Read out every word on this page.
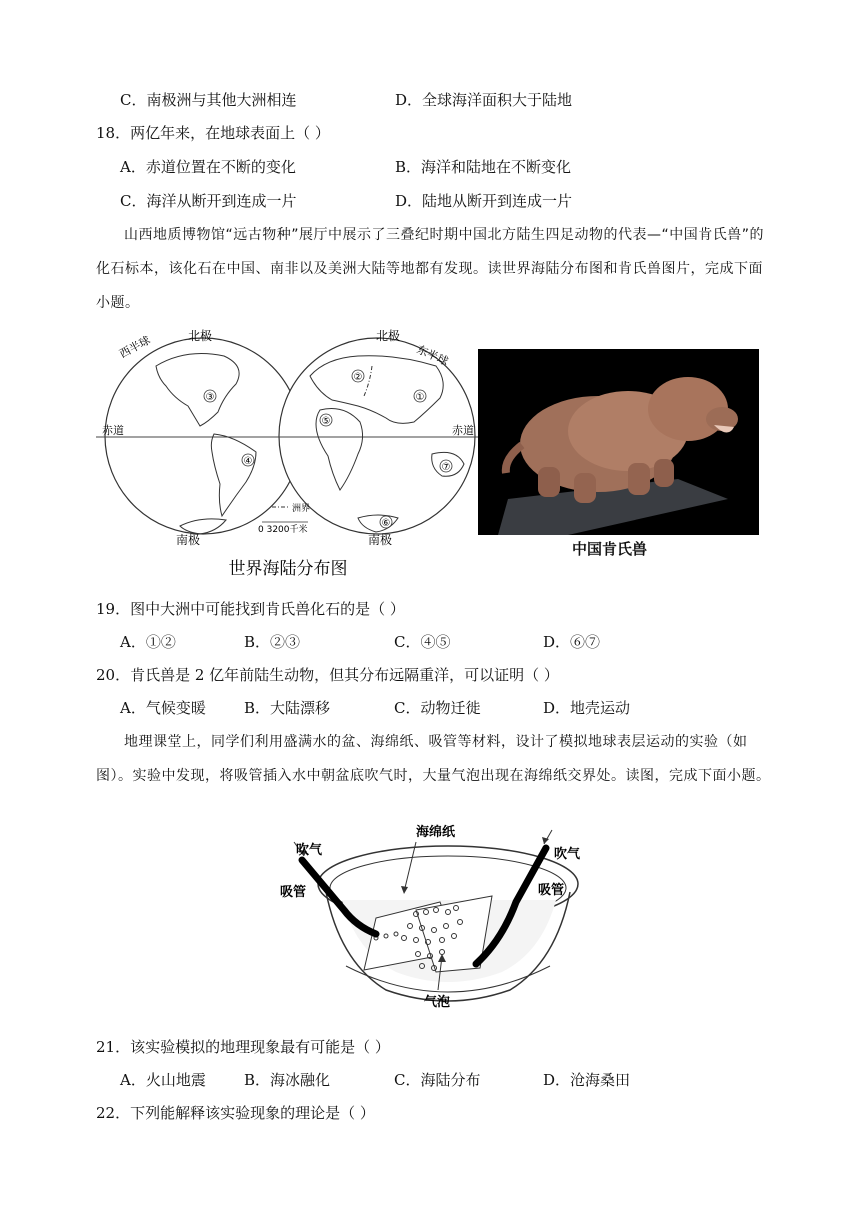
C．南极洲与其他大洲相连	D．全球海洋面积大于陆地
18．两亿年来，在地球表面上（ ）
A．赤道位置在不断的变化	B．海洋和陆地在不断变化
C．海洋从断开到连成一片	D．陆地从断开到连成一片
山西地质博物馆“远古物种”展厅中展示了三叠纪时期中国北方陆生四足动物的代表—“中国肯氏兽”的化石标本，该化石在中国、南非以及美洲大陆等地都有发现。读世界海陆分布图和肯氏兽图片，完成下面小题。
①
②
③
④
⑤
⑥
⑦
北极	北极
西半球	东半球
赤道	赤道
南极	南极
洲界
0 3200千米
世界海陆分布图
中国肯氏兽
19．图中大洲中可能找到肯氏兽化石的是（ ）
A．①②	B．②③	C．④⑤	D．⑥⑦
20．肯氏兽是 2 亿年前陆生动物，但其分布远隔重洋，可以证明（ ）
A．气候变暖	B．大陆漂移	C．动物迁徙	D．地壳运动
地理课堂上，同学们利用盛满水的盆、海绵纸、吸管等材料，设计了模拟地球表层运动的实验（如图）。实验中发现，将吸管插入水中朝盆底吹气时，大量气泡出现在海绵纸交界处。读图，完成下面小题。
海绵纸
吹气	吹气
吸管	吸管
气泡
21．该实验模拟的地理现象最有可能是（ ）
A．火山地震	B．海冰融化	C．海陆分布	D．沧海桑田
22．下列能解释该实验现象的理论是（ ）
